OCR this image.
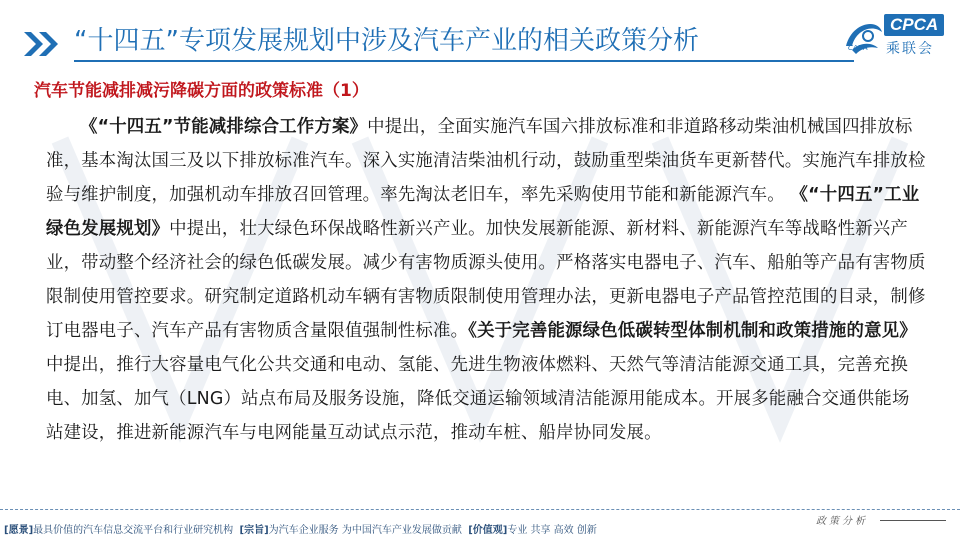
“十四五”专项发展规划中涉及汽车产业的相关政策分析
CPCA
乘联会
CADA
汽车节能减排减污降碳方面的政策标准（1）
《“十四五”节能减排综合工作方案》中提出，全面实施汽车国六排放标准和非道路移动柴油机械国四排放标准，基本淘汰国三及以下排放标准汽车。深入实施清洁柴油机行动，鼓励重型柴油货车更新替代。实施汽车排放检验与维护制度，加强机动车排放召回管理。率先淘汰老旧车，率先采购使用节能和新能源汽车。 《“十四五”工业绿色发展规划》中提出，壮大绿色环保战略性新兴产业。加快发展新能源、新材料、新能源汽车等战略性新兴产业，带动整个经济社会的绿色低碳发展。减少有害物质源头使用。严格落实电器电子、汽车、船舶等产品有害物质限制使用管控要求。研究制定道路机动车辆有害物质限制使用管理办法，更新电器电子产品管控范围的目录，制修订电器电子、汽车产品有害物质含量限值强制性标准。《关于完善能源绿色低碳转型体制机制和政策措施的意见》中提出，推行大容量电气化公共交通和电动、氢能、先进生物液体燃料、天然气等清洁能源交通工具，完善充换电、加氢、加气（LNG）站点布局及服务设施，降低交通运输领域清洁能源用能成本。开展多能融合交通供能场站建设，推进新能源汽车与电网能量互动试点示范，推动车桩、船岸协同发展。
[愿景]最具价值的汽车信息交流平台和行业研究机构 [宗旨]为汽车企业服务 为中国汽车产业发展做贡献 [价值观]专业 共享 高效 创新
政策分析
